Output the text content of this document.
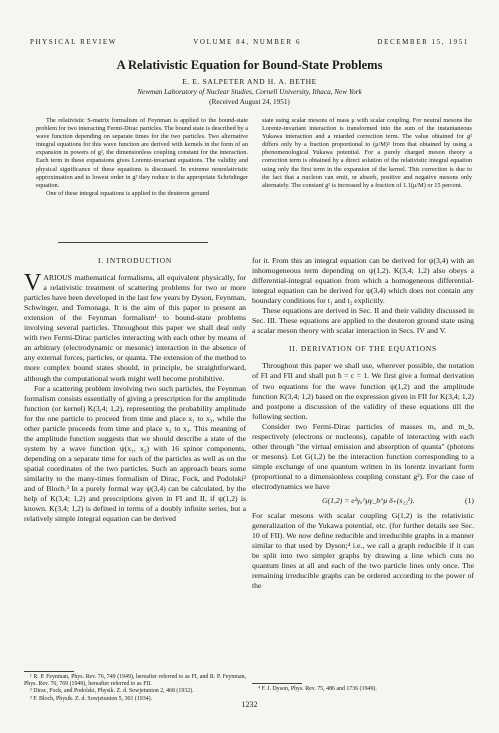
PHYSICAL REVIEW	VOLUME 84, NUMBER 6	DECEMBER 15, 1951
A Relativistic Equation for Bound-State Problems
E. E. SALPETER AND H. A. BETHE
Newman Laboratory of Nuclear Studies, Cornell University, Ithaca, New York
(Received August 24, 1951)

The relativistic S-matrix formalism of Feynman is applied to the bound-state problem for two interacting Fermi-Dirac particles. The bound state is described by a wave function depending on separate times for the two particles. Two alternative integral equations for this wave function are derived with kernels in the form of an expansion in powers of g², the dimensionless coupling constant for the interaction. Each term in these expansions gives Lorentz-invariant equations. The validity and physical significance of these equations is discussed. In extreme nonrelativistic approximation and to lowest order in g² they reduce to the appropriate Schrödinger equation.

One of these integral equations is applied to the deuteron ground

state using scalar mesons of mass μ with scalar coupling. For neutral mesons the Lorentz-invariant interaction is transformed into the sum of the instantaneous Yukawa interaction and a retarded correction term. The value obtained for g² differs only by a fraction proportional to (μ/M)² from that obtained by using a phenomenological Yukawa potential. For a purely charged meson theory a correction term is obtained by a direct solution of the relativistic integral equation using only the first term in the expansion of the kernel. This correction is due to the fact that a nucleon can emit, or absorb, positive and negative mesons only alternately. The constant g² is increased by a fraction of 1.1(μ/M) or 15 percent.

I. INTRODUCTION

VARIOUS mathematical formalisms, all equivalent physically, for a relativistic treatment of scattering problems for two or more particles have been developed in the last few years by Dyson, Feynman, Schwinger, and Tomonaga. It is the aim of this paper to present an extension of the Feynman formalism¹ to bound-state problems involving several particles. Throughout this paper we shall deal only with two Fermi-Dirac particles interacting with each other by means of an arbitrary (electrodynamic or mesonic) interaction in the absence of any external forces, particles, or quanta. The extension of the method to more complex bound states should, in principle, be straightforward, although the computational work might well become prohibitive.

For a scattering problem involving two such particles, the Feynman formalism consists essentially of giving a prescription for the amplitude function (or kernel) K(3,4; 1,2), representing the probability amplitude for the one particle to proceed from time and place x₁ to x₃, while the other particle proceeds from time and place x₂ to x₄. This meaning of the amplitude function suggests that we should describe a state of the system by a wave function ψ(x₁, x₂) with 16 spinor components, depending on a separate time for each of the particles as well as on the spatial coordinates of the two particles. Such an approach bears some similarity to the many-times formalism of Dirac, Fock, and Podolski² and of Bloch.³ In a purely formal way ψ(3,4) can be calculated, by the help of K(3,4; 1,2) and prescriptions given in FI and II, if ψ(1,2) is known. K(3,4; 1,2) is defined in terms of a doubly infinite series, but a relatively simple integral equation can be derived

for it. From this an integral equation can be derived for ψ(3,4) with an inhomogeneous term depending on ψ(1,2). K(3,4; 1,2) also obeys a differential-integral equation from which a homogeneous differential-integral equation can be derived for ψ(3,4) which does not contain any boundary conditions for t₁ and t₂ explicitly.

These equations are derived in Sec. II and their validity discussed in Sec. III. These equations are applied to the deuteron ground state using a scalar meson theory with scalar interaction in Secs. IV and V.

II. DERIVATION OF THE EQUATIONS

Throughout this paper we shall use, wherever possible, the notation of FI and FII and shall put ħ = c = 1. We first give a formal derivation of two equations for the wave function ψ(1,2) and the amplitude function K(3,4; 1,2) based on the expression given in FII for K(3,4; 1,2) and postpone a discussion of the validity of these equations till the following section.

Consider two Fermi-Dirac particles of masses mₐ and m_b, respectively (electrons or nucleons), capable of interacting with each other through "the virtual emission and absorption of quanta" (photons or mesons). Let G(1,2) be the interaction function corresponding to a simple exchange of one quantum written in its lorentz invariant form (proportional to a dimensionless coupling constant g²). For the case of electrodynamics we have

G(1,2) = e²γₐ^μγ_b^μ δ₊(s₁₂²).	(1)

For scalar mesons with scalar coupling G(1,2) is the relativistic generalization of the Yukawa potential, etc. (for further details see Sec. 10 of FII). We now define reducible and irreducible graphs in a manner similar to that used by Dyson;⁴ i.e., we call a graph reducible if it can be split into two simpler graphs by drawing a line which cuts no quantum lines at all and each of the two particle lines only once. The remaining irreducible graphs can be ordered according to the power of the

¹ R. P. Feynman, Phys. Rev. 76, 749 (1949), hereafter referred to as FI, and R. P. Feynman, Phys. Rev. 76, 769 (1949), hereafter referred to as FII.

² Dirac, Fock, and Podolski, Physik. Z. d. Sowjetunion 2, 468 (1932).

³ F. Bloch, Physik. Z. d. Sowjetunion 5, 301 (1934).

⁴ F. J. Dyson, Phys. Rev. 75, 486 and 1736 (1949).

1232
